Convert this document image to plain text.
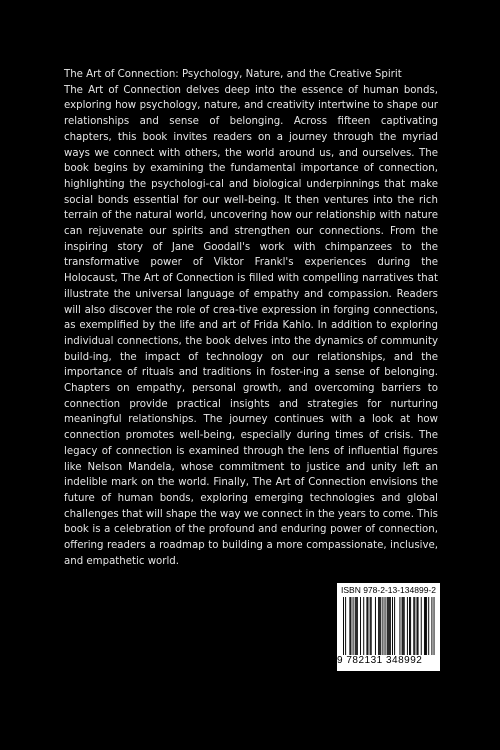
The Art of Connection: Psychology, Nature, and the Creative Spirit

The Art of Connection delves deep into the essence of human bonds, exploring how psychology, nature, and creativity intertwine to shape our relationships and sense of belonging. Across fifteen captivating chapters, this book invites readers on a journey through the myriad ways we connect with others, the world around us, and ourselves. The book begins by examining the fundamental importance of connection, highlighting the psychologi-cal and biological underpinnings that make social bonds essential for our well-being. It then ventures into the rich terrain of the natural world, uncovering how our relationship with nature can rejuvenate our spirits and strengthen our connections. From the inspiring story of Jane Goodall's work with chimpanzees to the transformative power of Viktor Frankl's experiences during the Holocaust, The Art of Connection is filled with compelling narratives that illustrate the universal language of empathy and compassion. Readers will also discover the role of crea-tive expression in forging connections, as exemplified by the life and art of Frida Kahlo. In addition to exploring individual connections, the book delves into the dynamics of community build-ing, the impact of technology on our relationships, and the importance of rituals and traditions in foster-ing a sense of belonging. Chapters on empathy, personal growth, and overcoming barriers to connection provide practical insights and strategies for nurturing meaningful relationships. The journey continues with a look at how connection promotes well-being, especially during times of crisis. The legacy of connection is examined through the lens of influential figures like Nelson Mandela, whose commitment to justice and unity left an indelible mark on the world. Finally, The Art of Connection envisions the future of human bonds, exploring emerging technologies and global challenges that will shape the way we connect in the years to come. This book is a celebration of the profound and enduring power of connection, offering readers a roadmap to building a more compassionate, inclusive, and empathetic world.

ISBN 978-2-13-134899-2
9 782131 348992
